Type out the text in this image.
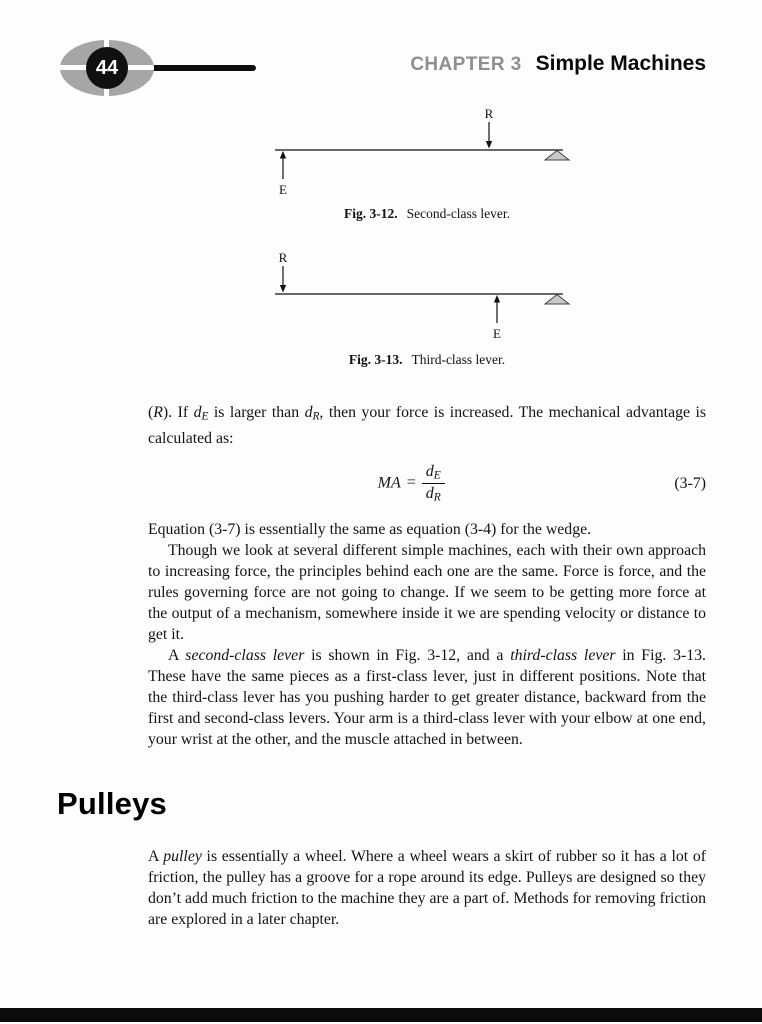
44	CHAPTER 3 Simple Machines
R
E
Fig. 3-12. Second-class lever.
R
E
Fig. 3-13. Third-class lever.

(R). If dE is larger than dR, then your force is increased. The mechanical advantage is calculated as:

MA = $\frac{dE}{dR}$	(3-7)

Equation (3-7) is essentially the same as equation (3-4) for the wedge.

Though we look at several different simple machines, each with their own approach to increasing force, the principles behind each one are the same. Force is force, and the rules governing force are not going to change. If we seem to be getting more force at the output of a mechanism, somewhere inside it we are spending velocity or distance to get it.

A second-class lever is shown in Fig. 3-12, and a third-class lever in Fig. 3-13. These have the same pieces as a first-class lever, just in different positions. Note that the third-class lever has you pushing harder to get greater distance, backward from the first and second-class levers. Your arm is a third-class lever with your elbow at one end, your wrist at the other, and the muscle attached in between.

Pulleys

A pulley is essentially a wheel. Where a wheel wears a skirt of rubber so it has a lot of friction, the pulley has a groove for a rope around its edge. Pulleys are designed so they don’t add much friction to the machine they are a part of. Methods for removing friction are explored in a later chapter.
